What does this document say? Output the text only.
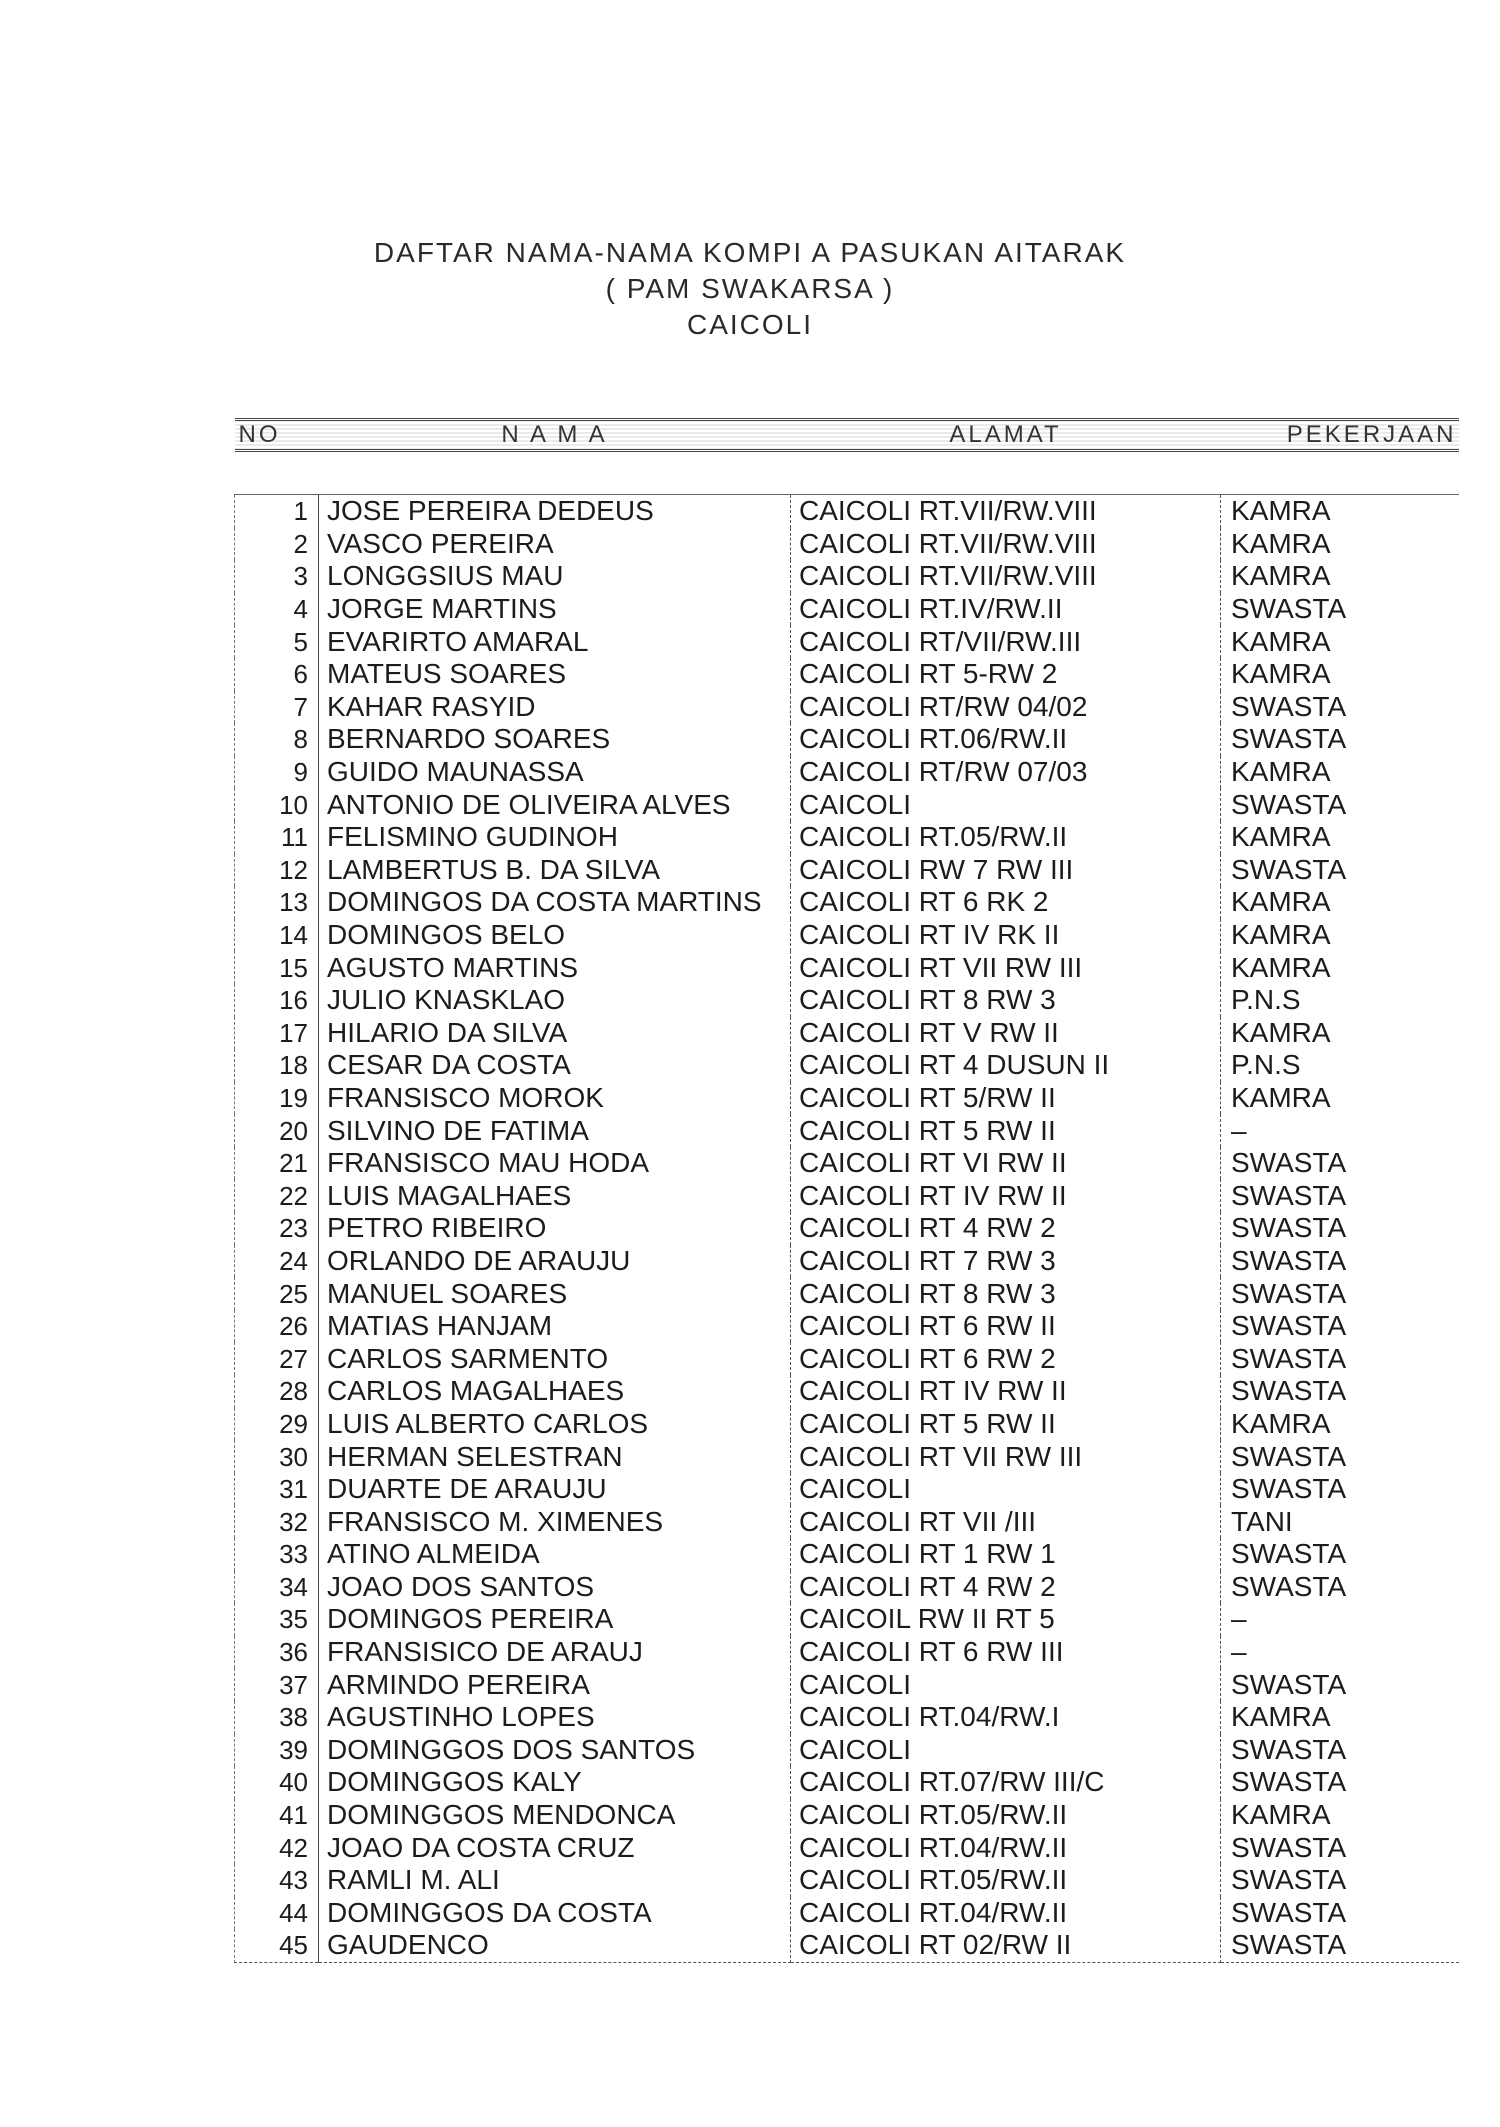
DAFTAR NAMA-NAMA KOMPI A PASUKAN AITARAK
( PAM SWAKARSA )
CAICOLI
NO	N A M A	ALAMAT	PEKERJAAN

1	JOSE PEREIRA DEDEUS	CAICOLI RT.VII/RW.VIII	KAMRA
2	VASCO PEREIRA	CAICOLI RT.VII/RW.VIII	KAMRA
3	LONGGSIUS MAU	CAICOLI RT.VII/RW.VIII	KAMRA
4	JORGE MARTINS	CAICOLI RT.IV/RW.II	SWASTA
5	EVARIRTO AMARAL	CAICOLI RT/VII/RW.III	KAMRA
6	MATEUS SOARES	CAICOLI RT 5-RW 2	KAMRA
7	KAHAR RASYID	CAICOLI RT/RW 04/02	SWASTA
8	BERNARDO SOARES	CAICOLI RT.06/RW.II	SWASTA
9	GUIDO MAUNASSA	CAICOLI RT/RW 07/03	KAMRA
10	ANTONIO DE OLIVEIRA ALVES	CAICOLI	SWASTA
11	FELISMINO GUDINOH	CAICOLI RT.05/RW.II	KAMRA
12	LAMBERTUS B. DA SILVA	CAICOLI RW 7 RW III	SWASTA
13	DOMINGOS DA COSTA MARTINS	CAICOLI RT 6 RK 2	KAMRA
14	DOMINGOS BELO	CAICOLI RT IV RK II	KAMRA
15	AGUSTO MARTINS	CAICOLI RT VII RW III	KAMRA
16	JULIO KNASKLAO	CAICOLI RT 8 RW 3	P.N.S
17	HILARIO DA SILVA	CAICOLI RT V RW II	KAMRA
18	CESAR DA COSTA	CAICOLI RT 4 DUSUN II	P.N.S
19	FRANSISCO MOROK	CAICOLI RT 5/RW II	KAMRA
20	SILVINO DE FATIMA	CAICOLI RT 5 RW II	–
21	FRANSISCO MAU HODA	CAICOLI RT VI RW II	SWASTA
22	LUIS MAGALHAES	CAICOLI RT IV RW II	SWASTA
23	PETRO RIBEIRO	CAICOLI RT 4 RW 2	SWASTA
24	ORLANDO DE ARAUJU	CAICOLI RT 7 RW 3	SWASTA
25	MANUEL SOARES	CAICOLI RT 8 RW 3	SWASTA
26	MATIAS HANJAM	CAICOLI RT 6 RW II	SWASTA
27	CARLOS SARMENTO	CAICOLI RT 6 RW 2	SWASTA
28	CARLOS MAGALHAES	CAICOLI RT IV RW II	SWASTA
29	LUIS ALBERTO CARLOS	CAICOLI RT 5 RW II	KAMRA
30	HERMAN SELESTRAN	CAICOLI RT VII RW III	SWASTA
31	DUARTE DE ARAUJU	CAICOLI	SWASTA
32	FRANSISCO M. XIMENES	CAICOLI RT VII /III	TANI
33	ATINO ALMEIDA	CAICOLI RT 1 RW 1	SWASTA
34	JOAO DOS SANTOS	CAICOLI RT 4 RW 2	SWASTA
35	DOMINGOS PEREIRA	CAICOIL RW II RT 5	–
36	FRANSISICO DE ARAUJ	CAICOLI RT 6 RW III	–
37	ARMINDO PEREIRA	CAICOLI	SWASTA
38	AGUSTINHO LOPES	CAICOLI RT.04/RW.I	KAMRA
39	DOMINGGOS DOS SANTOS	CAICOLI	SWASTA
40	DOMINGGOS KALY	CAICOLI RT.07/RW III/C	SWASTA
41	DOMINGGOS MENDONCA	CAICOLI RT.05/RW.II	KAMRA
42	JOAO DA COSTA CRUZ	CAICOLI RT.04/RW.II	SWASTA
43	RAMLI M. ALI	CAICOLI RT.05/RW.II	SWASTA
44	DOMINGGOS DA COSTA	CAICOLI RT.04/RW.II	SWASTA
45	GAUDENCO	CAICOLI RT 02/RW II	SWASTA
